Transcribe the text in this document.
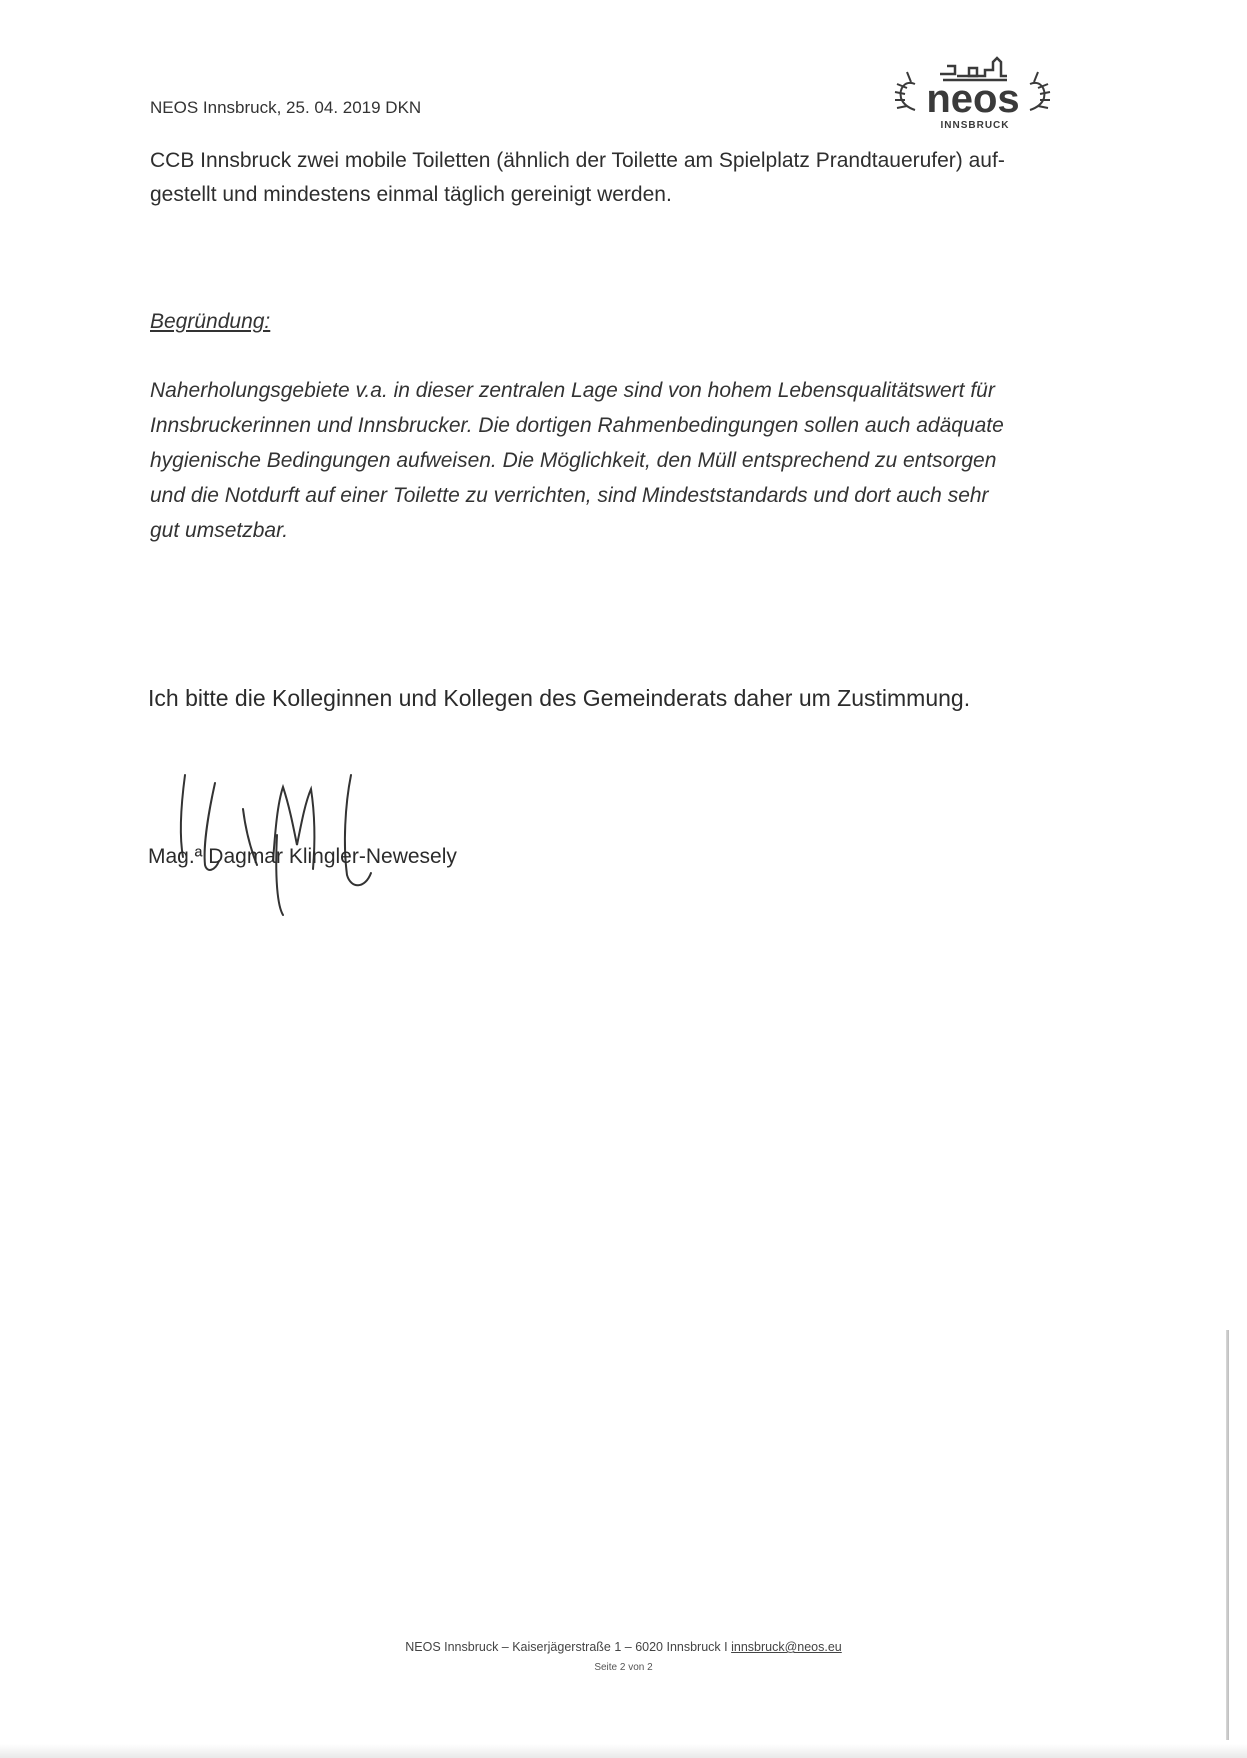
NEOS Innsbruck, 25. 04. 2019 DKN	neos
INNSBRUCK
CCB Innsbruck zwei mobile Toiletten (ähnlich der Toilette am Spielplatz Prandtauerufer) auf-
gestellt und mindestens einmal täglich gereinigt werden.
Begründung:
Naherholungsgebiete v.a. in dieser zentralen Lage sind von hohem Lebensqualitätswert für
Innsbruckerinnen und Innsbrucker. Die dortigen Rahmenbedingungen sollen auch adäquate
hygienische Bedingungen aufweisen. Die Möglichkeit, den Müll entsprechend zu entsorgen
und die Notdurft auf einer Toilette zu verrichten, sind Mindeststandards und dort auch sehr
gut umsetzbar.
Ich bitte die Kolleginnen und Kollegen des Gemeinderats daher um Zustimmung.
Mag.ª Dagmar Klingler-Newesely
NEOS Innsbruck – Kaiserjägerstraße 1 – 6020 Innsbruck I innsbruck@neos.eu
Seite 2 von 2
